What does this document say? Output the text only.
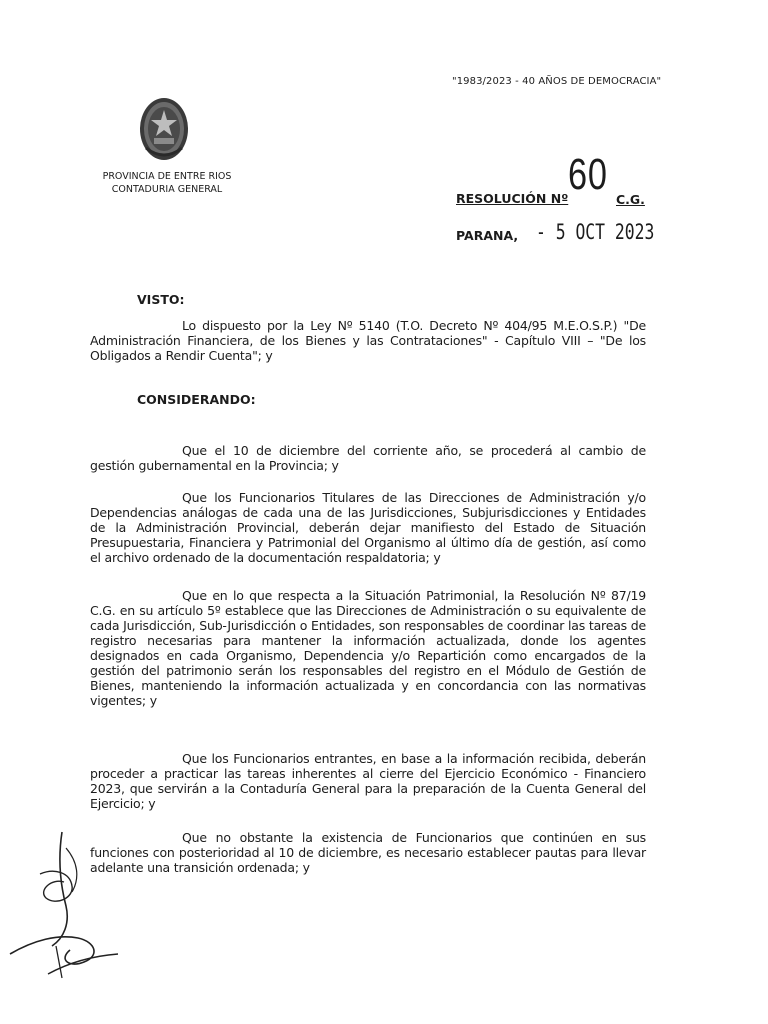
"1983/2023 - 40 AÑOS DE DEMOCRACIA"
PROVINCIA DE ENTRE RIOS
CONTADURIA GENERAL
RESOLUCIÓN Nº 60
C.G.
PARANA, - 5 OCT 2023
VISTO:

Lo dispuesto por la Ley Nº 5140 (T.O. Decreto Nº 404/95 M.E.O.S.P.) "De Administración Financiera, de los Bienes y las Contrataciones" - Capítulo VIII – "De los Obligados a Rendir Cuenta"; y

CONSIDERANDO:

Que el 10 de diciembre del corriente año, se procederá al cambio de gestión gubernamental en la Provincia; y

Que los Funcionarios Titulares de las Direcciones de Administración y/o Dependencias análogas de cada una de las Jurisdicciones, Subjurisdicciones y Entidades de la Administración Provincial, deberán dejar manifiesto del Estado de Situación Presupuestaria, Financiera y Patrimonial del Organismo al último día de gestión, así como el archivo ordenado de la documentación respaldatoria; y

Que en lo que respecta a la Situación Patrimonial, la Resolución Nº 87/19 C.G. en su artículo 5º establece que las Direcciones de Administración o su equivalente de cada Jurisdicción, Sub-Jurisdicción o Entidades, son responsables de coordinar las tareas de registro necesarias para mantener la información actualizada, donde los agentes designados en cada Organismo, Dependencia y/o Repartición como encargados de la gestión del patrimonio serán los responsables del registro en el Módulo de Gestión de Bienes, manteniendo la información actualizada y en concordancia con las normativas vigentes; y

Que los Funcionarios entrantes, en base a la información recibida, deberán proceder a practicar las tareas inherentes al cierre del Ejercicio Económico - Financiero 2023, que servirán a la Contaduría General para la preparación de la Cuenta General del Ejercicio; y

Que no obstante la existencia de Funcionarios que continúen en sus funciones con posterioridad al 10 de diciembre, es necesario establecer pautas para llevar adelante una transición ordenada; y
